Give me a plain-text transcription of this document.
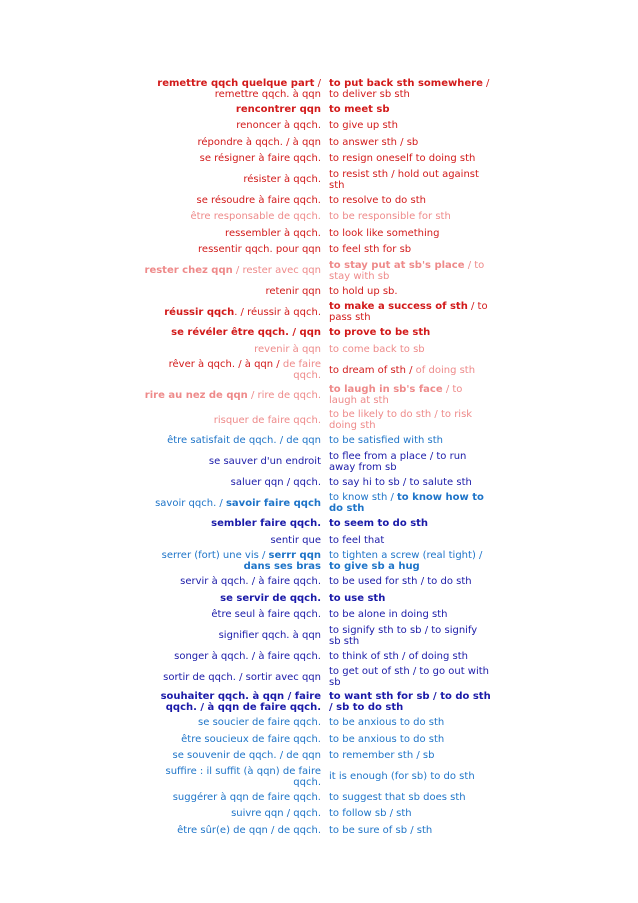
remettre qqch quelque part / remettre qqch. à qqn	to put back sth somewhere / to deliver sb sth
rencontrer qqn	to meet sb
renoncer à qqch.	to give up sth
répondre à qqch. / à qqn	to answer sth / sb
se résigner à faire qqch.	to resign oneself to doing sth
résister à qqch.	to resist sth / hold out against sth
se résoudre à faire qqch.	to resolve to do sth
être responsable de qqch.	to be responsible for sth
ressembler à qqch.	to look like something
ressentir qqch. pour qqn	to feel sth for sb
rester chez qqn / rester avec qqn	to stay put at sb's place / to stay with sb
retenir qqn	to hold up sb.
réussir qqch. / réussir à qqch.	to make a success of sth / to pass sth
se révéler être qqch. / qqn	to prove to be sth
revenir à qqn	to come back to sb
rêver à qqch. / à qqn / de faire qqch.	to dream of sth / of doing sth
rire au nez de qqn / rire de qqch.	to laugh in sb's face / to laugh at sth
risquer de faire qqch.	to be likely to do sth / to risk doing sth
être satisfait de qqch. / de qqn	to be satisfied with sth
se sauver d'un endroit	to flee from a place / to run away from sb
saluer qqn / qqch.	to say hi to sb / to salute sth
savoir qqch. / savoir faire qqch	to know sth / to know how to do sth
sembler faire qqch.	to seem to do sth
sentir que	to feel that
serrer (fort) une vis / serrr qqn dans ses bras	to tighten a screw (real tight) / to give sb a hug
servir à qqch. / à faire qqch.	to be used for sth / to do sth
se servir de qqch.	to use sth
être seul à faire qqch.	to be alone in doing sth
signifier qqch. à qqn	to signify sth to sb / to signify sb sth
songer à qqch. / à faire qqch.	to think of sth / of doing sth
sortir de qqch. / sortir avec qqn	to get out of sth / to go out with sb
souhaiter qqch. à qqn / faire qqch. / à qqn de faire qqch.	to want sth for sb / to do sth / sb to do sth
se soucier de faire qqch.	to be anxious to do sth
être soucieux de faire qqch.	to be anxious to do sth
se souvenir de qqch. / de qqn	to remember sth / sb
suffire : il suffit (à qqn) de faire qqch.	it is enough (for sb) to do sth
suggérer à qqn de faire qqch.	to suggest that sb does sth
suivre qqn / qqch.	to follow sb / sth
être sûr(e) de qqn / de qqch.	to be sure of sb / sth
